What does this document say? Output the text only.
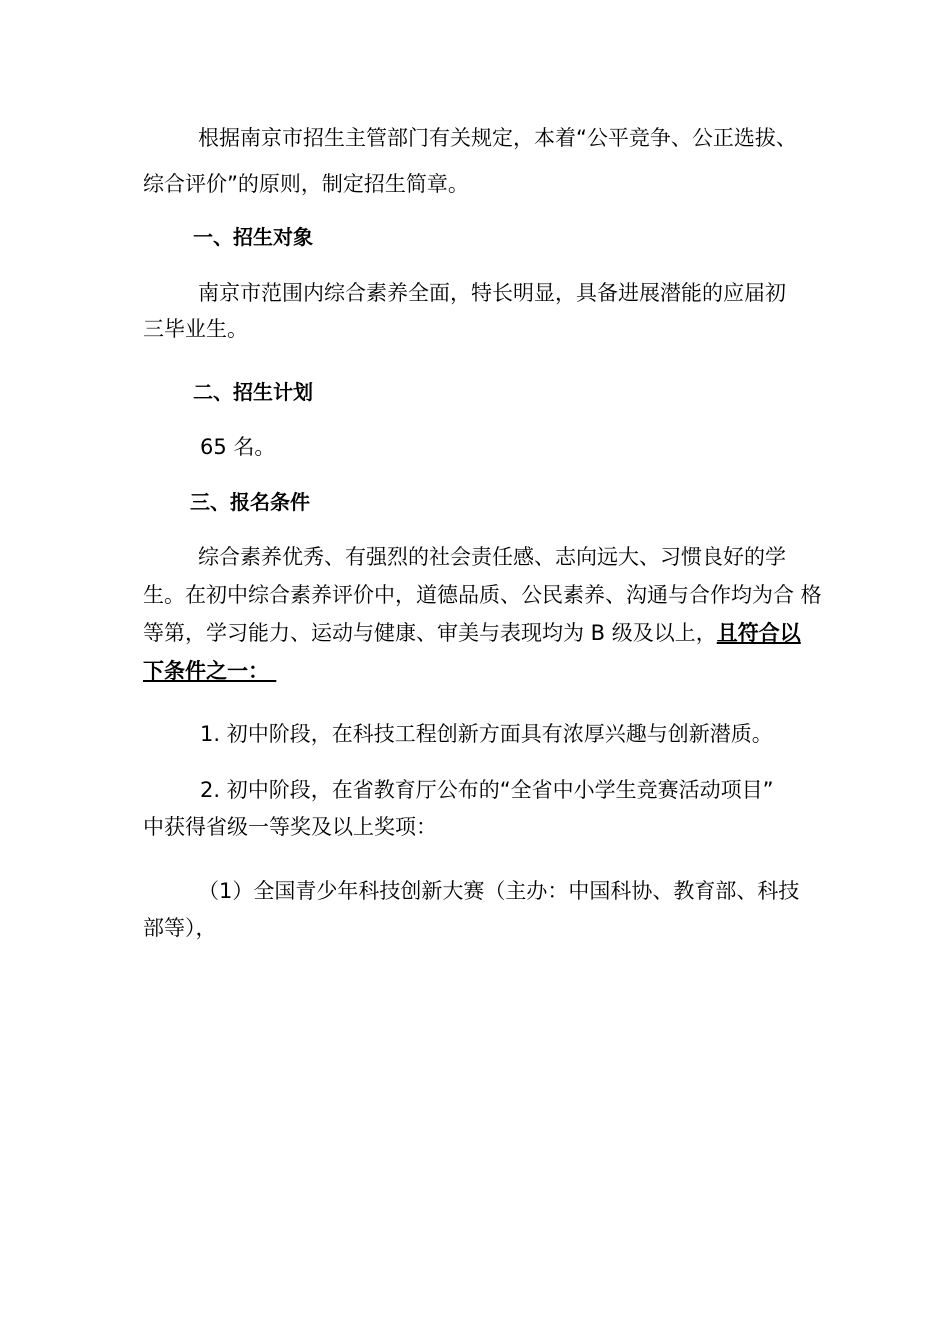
根据南京市招生主管部门有关规定，本着“公平竞争、公正选拔、

综合评价”的原则，制定招生简章。

一、招生对象

南京市范围内综合素养全面，特长明显，具备进展潜能的应届初

三毕业生。

二、招生计划

65 名。

三、报名条件

综合素养优秀、有强烈的社会责任感、志向远大、习惯良好的学

生。在初中综合素养评价中，道德品质、公民素养、沟通与合作均为合 格

等第，学习能力、运动与健康、审美与表现均为 B 级及以上，且符合以

下条件之一：

1. 初中阶段，在科技工程创新方面具有浓厚兴趣与创新潜质。

2. 初中阶段，在省教育厅公布的“全省中小学生竞赛活动项目”

中获得省级一等奖及以上奖项：

（1）全国青少年科技创新大赛（主办：中国科协、教育部、科技

部等），
